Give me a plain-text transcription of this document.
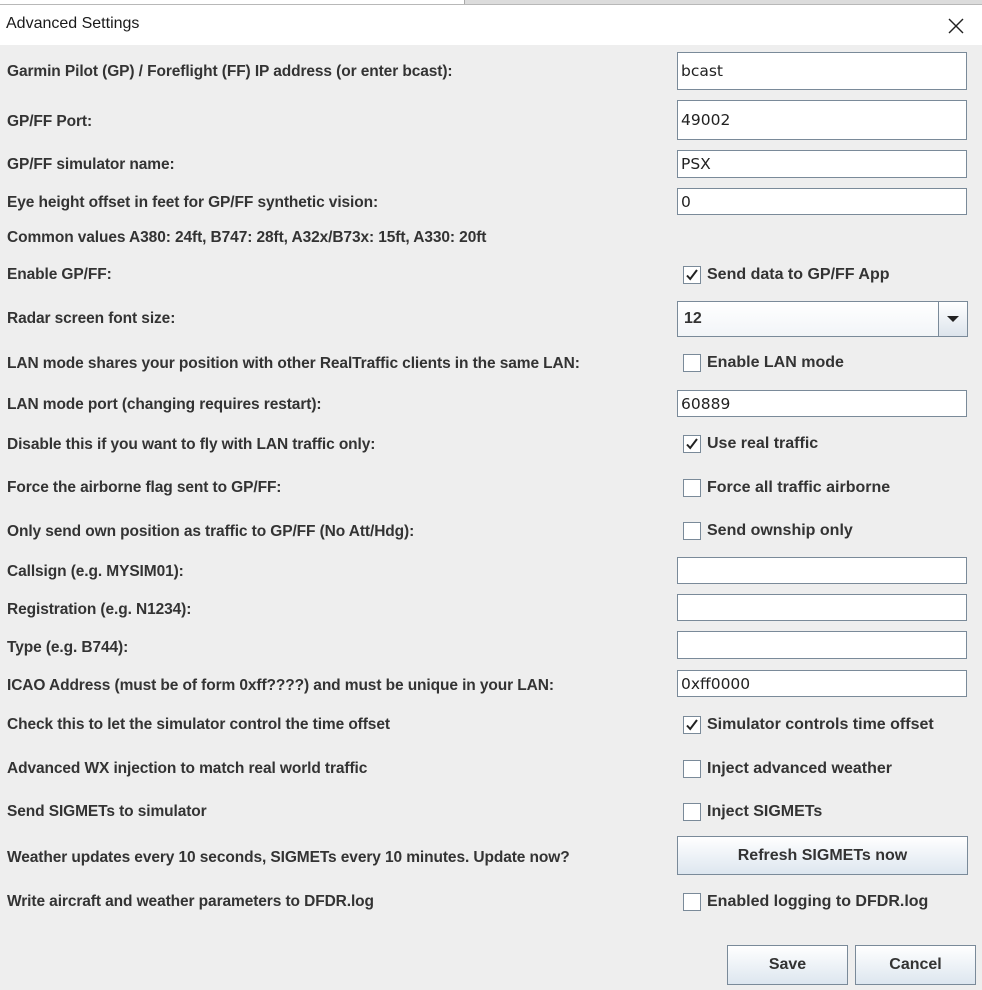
Advanced Settings
Garmin Pilot (GP) / Foreflight (FF) IP address (or enter bcast):
bcast
GP/FF Port:
49002
GP/FF simulator name:
PSX
Eye height offset in feet for GP/FF synthetic vision:
0
Common values A380: 24ft, B747: 28ft, A32x/B73x: 15ft, A330: 20ft
Enable GP/FF:	Send data to GP/FF App
Radar screen font size:	12
LAN mode shares your position with other RealTraffic clients in the same LAN:	Enable LAN mode
LAN mode port (changing requires restart):
60889
Disable this if you want to fly with LAN traffic only:	Use real traffic
Force the airborne flag sent to GP/FF:	Force all traffic airborne
Only send own position as traffic to GP/FF (No Att/Hdg):	Send ownship only
Callsign (e.g. MYSIM01):
Registration (e.g. N1234):
Type (e.g. B744):
ICAO Address (must be of form 0xff????) and must be unique in your LAN:
0xff0000
Check this to let the simulator control the time offset	Simulator controls time offset
Advanced WX injection to match real world traffic	Inject advanced weather
Send SIGMETs to simulator	Inject SIGMETs
Weather updates every 10 seconds, SIGMETs every 10 minutes. Update now?	Refresh SIGMETs now
Write aircraft and weather parameters to DFDR.log	Enabled logging to DFDR.log
Save	Cancel
